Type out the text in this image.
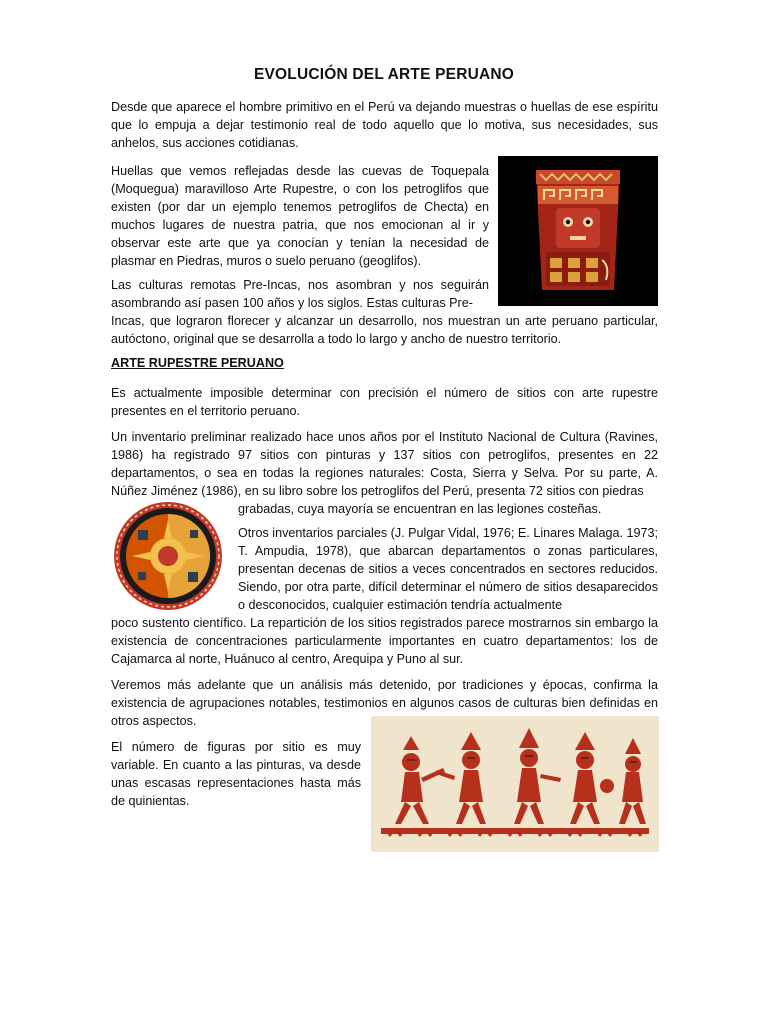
EVOLUCIÓN DEL ARTE PERUANO

Desde que aparece el hombre primitivo en el Perú va dejando muestras o huellas de ese espíritu que lo empuja a dejar testimonio real de todo aquello que lo motiva, sus necesidades, sus anhelos, sus acciones cotidianas.

Huellas que vemos reflejadas desde las cuevas de Toquepala (Moquegua) maravilloso Arte Rupestre, o con los petroglifos que existen (por dar un ejemplo tenemos petroglifos de Checta) en muchos lugares de nuestra patria, que nos emocionan al ir y observar este arte que ya conocían y tenían la necesidad de plasmar en Piedras, muros o suelo peruano (geoglifos).

Las culturas remotas Pre-Incas, nos asombran y nos seguirán asombrando así pasen 100 años y los siglos. Estas culturas Pre-

Incas, que lograron florecer y alcanzar un desarrollo, nos muestran un arte peruano particular, autóctono, original que se desarrolla a todo lo largo y ancho de nuestro territorio.

ARTE RUPESTRE PERUANO

Es actualmente imposible determinar con precisión el número de sitios con arte rupestre presentes en el territorio peruano.

Un inventario preliminar realizado hace unos años por el Instituto Nacional de Cultura (Ravines, 1986) ha registrado 97 sitios con pinturas y 137 sitios con petroglifos, presentes en 22 departamentos, o sea en todas la regiones naturales: Costa, Sierra y Selva. Por su parte, A. Núñez Jiménez (1986), en su libro sobre los petroglifos del Perú, presenta 72 sitios con piedras

grabadas, cuya mayoría se encuentran en las legiones costeñas.

Otros inventarios parciales (J. Pulgar Vidal, 1976; E. Linares Malaga. 1973; T. Ampudia, 1978), que abarcan departamentos o zonas particulares, presentan decenas de sitios a veces concentrados en sectores reducidos. Siendo, por otra parte, difícil determinar el número de sitios desaparecidos o desconocidos, cualquier estimación tendría actualmente

poco sustento científico. La repartición de los sitios registrados parece mostrarnos sin embargo la existencia de concentraciones particularmente importantes en cuatro departamentos: los de Cajamarca al norte, Huánuco al centro, Arequipa y Puno al sur.

Veremos más adelante que un análisis más detenido, por tradiciones y épocas, confirma la existencia de agrupaciones notables, testimonios en algunos casos de culturas bien definidas en otros aspectos.

El número de figuras por sitio es muy variable. En cuanto a las pinturas, va desde unas escasas representaciones hasta más de quinientas.
